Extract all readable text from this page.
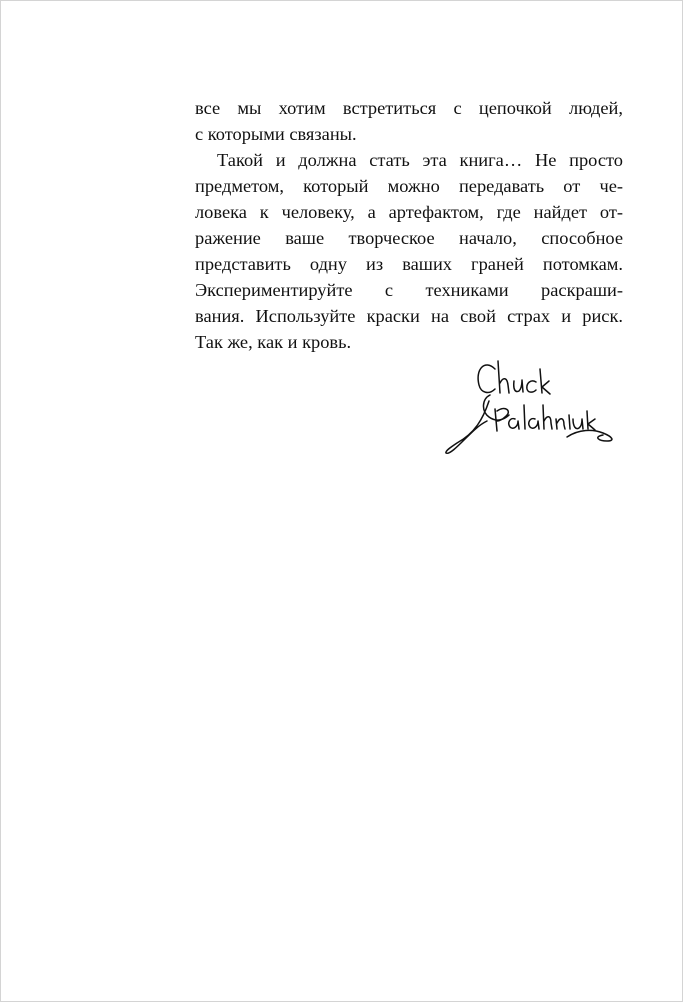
все мы хотим встретиться с цепочкой людей,
с которыми связаны.
Такой и должна стать эта книга… Не просто
предметом, который можно передавать от че-
ловека к человеку, а артефактом, где найдет от-
ражение ваше творческое начало, способное
представить одну из ваших граней потомкам.
Экспериментируйте с техниками раскраши-
вания. Используйте краски на свой страх и риск.
Так же, как и кровь.
